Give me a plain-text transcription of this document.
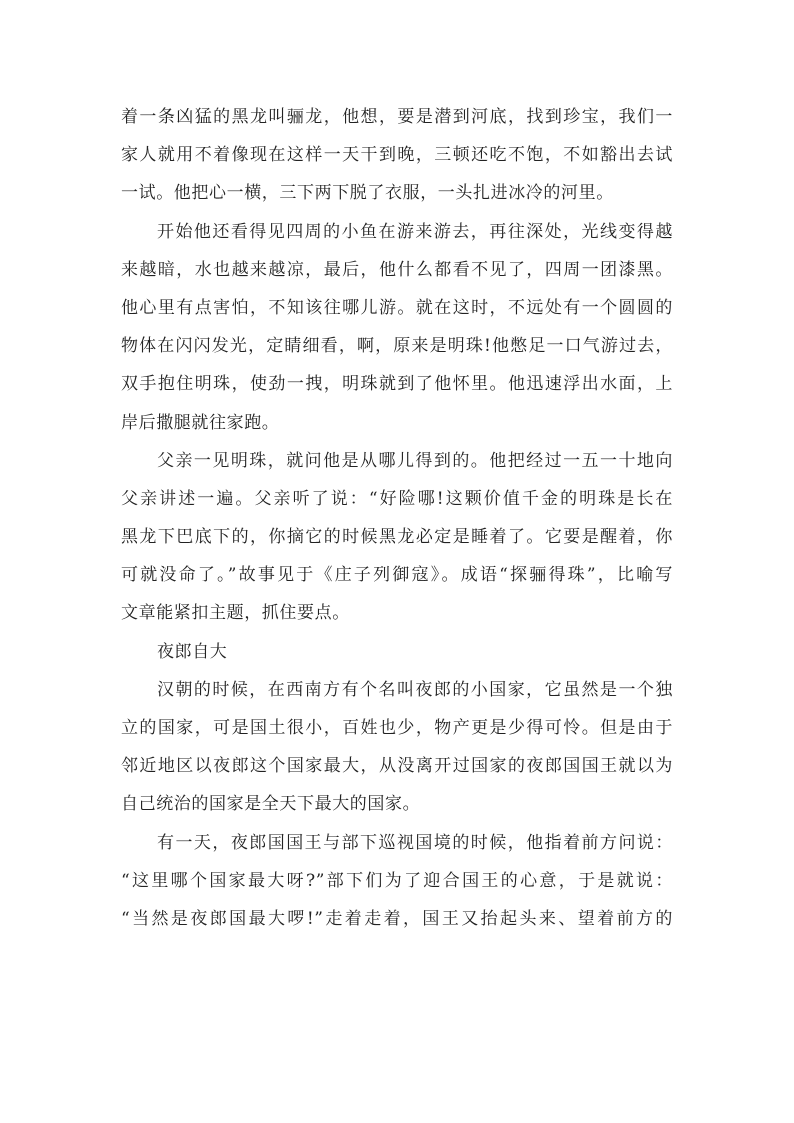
着一条凶猛的黑龙叫骊龙，他想，要是潜到河底，找到珍宝，我们一
家人就用不着像现在这样一天干到晚，三顿还吃不饱，不如豁出去试
一试。他把心一横，三下两下脱了衣服，一头扎进冰冷的河里。
开始他还看得见四周的小鱼在游来游去，再往深处，光线变得越
来越暗，水也越来越凉，最后，他什么都看不见了，四周一团漆黑。
他心里有点害怕，不知该往哪儿游。就在这时，不远处有一个圆圆的
物体在闪闪发光，定睛细看，啊，原来是明珠!他憋足一口气游过去，
双手抱住明珠，使劲一拽，明珠就到了他怀里。他迅速浮出水面，上
岸后撒腿就往家跑。
父亲一见明珠，就问他是从哪儿得到的。他把经过一五一十地向
父亲讲述一遍。父亲听了说：“好险哪!这颗价值千金的明珠是长在
黑龙下巴底下的，你摘它的时候黑龙必定是睡着了。它要是醒着，你
可就没命了。”故事见于《庄子列御寇》。成语“探骊得珠”，比喻写
文章能紧扣主题，抓住要点。
夜郎自大
汉朝的时候，在西南方有个名叫夜郎的小国家，它虽然是一个独
立的国家，可是国土很小，百姓也少，物产更是少得可怜。但是由于
邻近地区以夜郎这个国家最大，从没离开过国家的夜郎国国王就以为
自己统治的国家是全天下最大的国家。
有一天，夜郎国国王与部下巡视国境的时候，他指着前方问说：
“这里哪个国家最大呀?”部下们为了迎合国王的心意，于是就说：
“当然是夜郎国最大啰!”走着走着，国王又抬起头来、望着前方的
